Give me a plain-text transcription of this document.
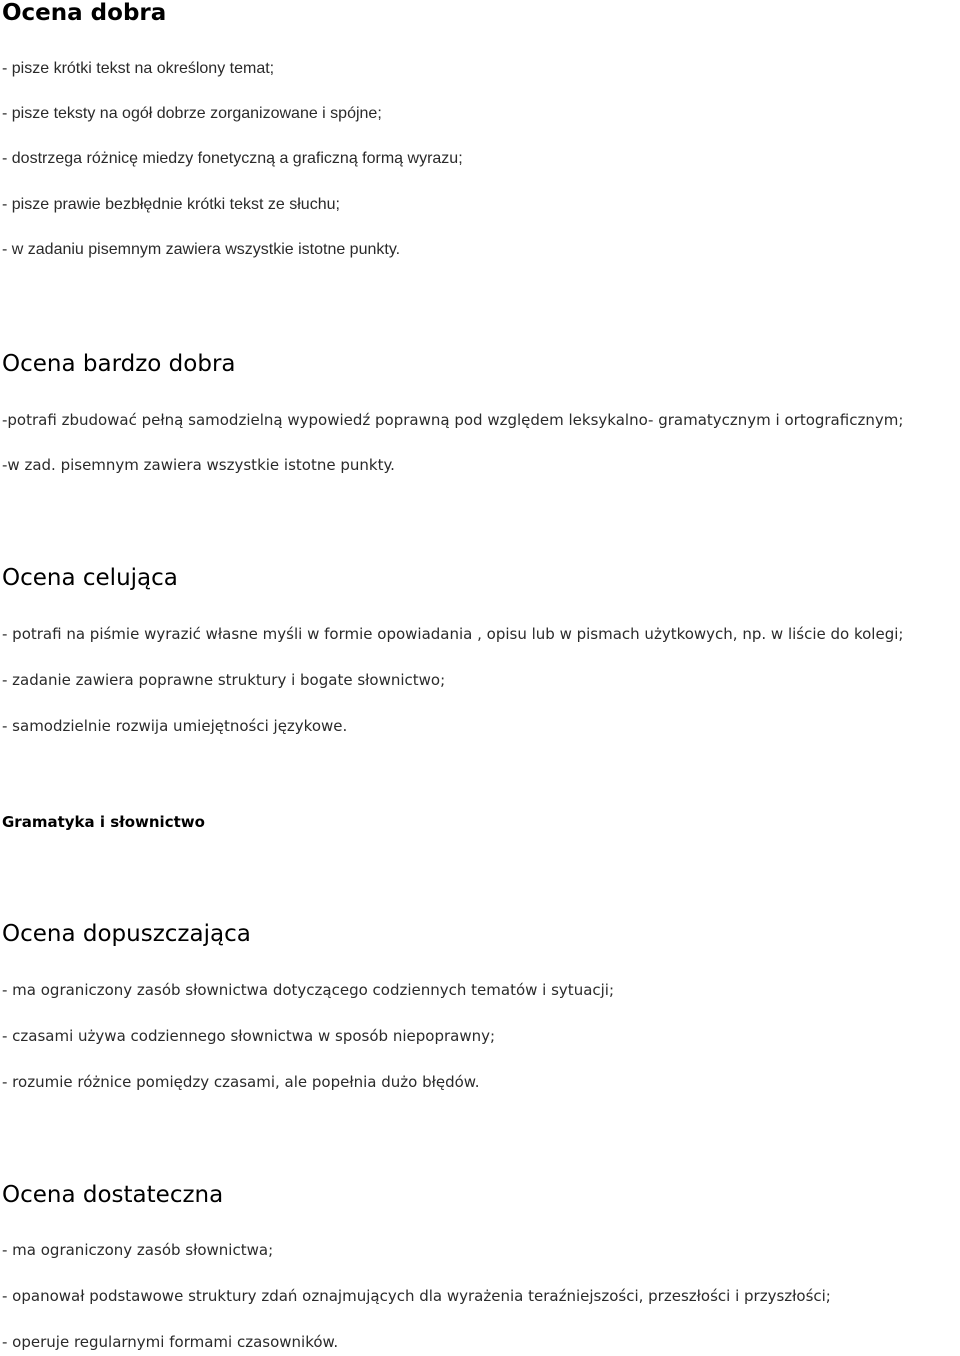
Ocena dobra

- pisze krótki tekst na określony temat;

- pisze teksty na ogół dobrze zorganizowane i spójne;

- dostrzega różnicę miedzy fonetyczną a graficzną formą wyrazu;

- pisze prawie bezbłędnie krótki tekst ze słuchu;

- w zadaniu pisemnym zawiera wszystkie istotne punkty.

Ocena bardzo dobra

-potrafi zbudować pełną samodzielną wypowiedź poprawną pod względem leksykalno- gramatycznym i ortograficznym;

-w zad. pisemnym zawiera wszystkie istotne punkty.

Ocena celująca

- potrafi na piśmie wyrazić własne myśli w formie opowiadania , opisu lub w pismach użytkowych, np. w liście do kolegi;

- zadanie zawiera poprawne struktury i bogate słownictwo;

- samodzielnie rozwija umiejętności językowe.

Gramatyka i słownictwo
Ocena dopuszczająca

- ma ograniczony zasób słownictwa dotyczącego codziennych tematów i sytuacji;

- czasami używa codziennego słownictwa w sposób niepoprawny;

- rozumie różnice pomiędzy czasami, ale popełnia dużo błędów.

Ocena dostateczna

- ma ograniczony zasób słownictwa;

- opanował podstawowe struktury zdań oznajmujących dla wyrażenia teraźniejszości, przeszłości i przyszłości;

- operuje regularnymi formami czasowników.
